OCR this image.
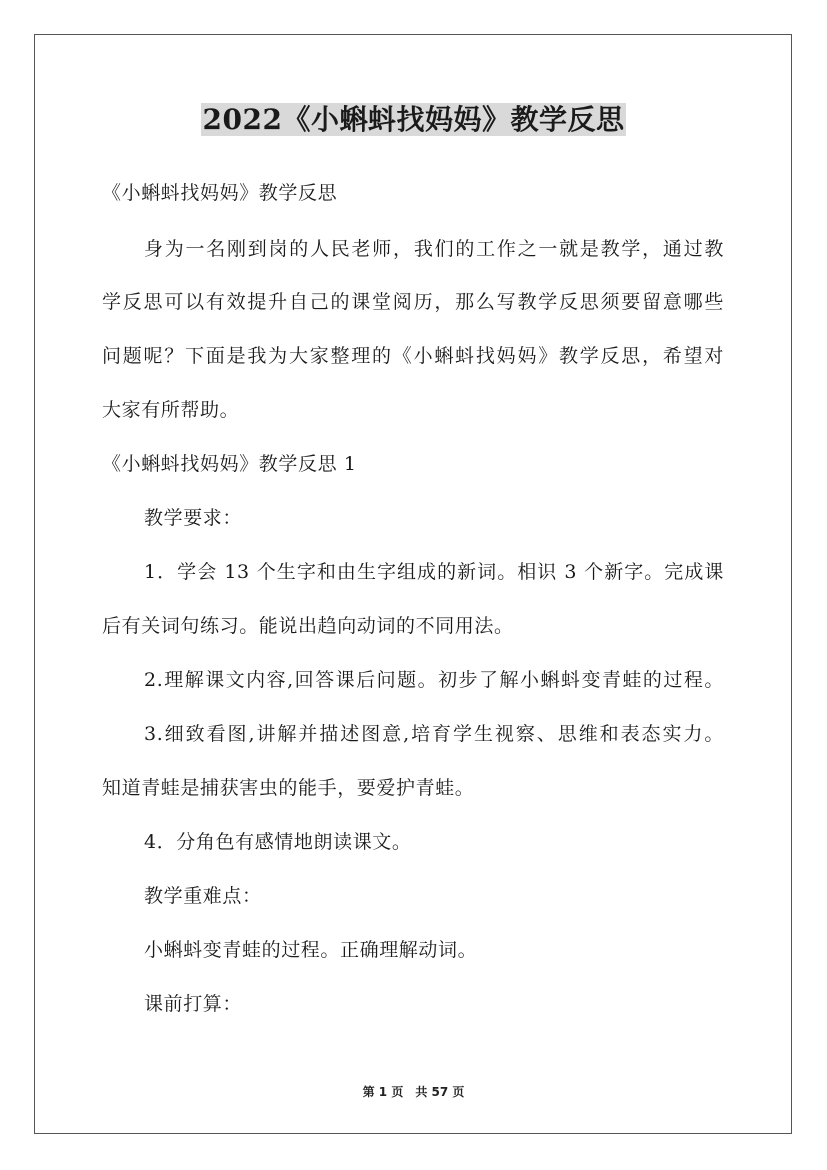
2022《小蝌蚪找妈妈》教学反思
《小蝌蚪找妈妈》教学反思
身为一名刚到岗的人民老师，我们的工作之一就是教学，通过教
学反思可以有效提升自己的课堂阅历，那么写教学反思须要留意哪些
问题呢？下面是我为大家整理的《小蝌蚪找妈妈》教学反思，希望对
大家有所帮助。
《小蝌蚪找妈妈》教学反思 1
教学要求：
1．学会 13 个生字和由生字组成的新词。相识 3 个新字。完成课
后有关词句练习。能说出趋向动词的不同用法。
2.理解课文内容,回答课后问题。初步了解小蝌蚪变青蛙的过程。
3.细致看图,讲解并描述图意,培育学生视察、思维和表态实力。
知道青蛙是捕获害虫的能手，要爱护青蛙。
4．分角色有感情地朗读课文。
教学重难点：
小蝌蚪变青蛙的过程。正确理解动词。
课前打算：
第 1 页　共 57 页
